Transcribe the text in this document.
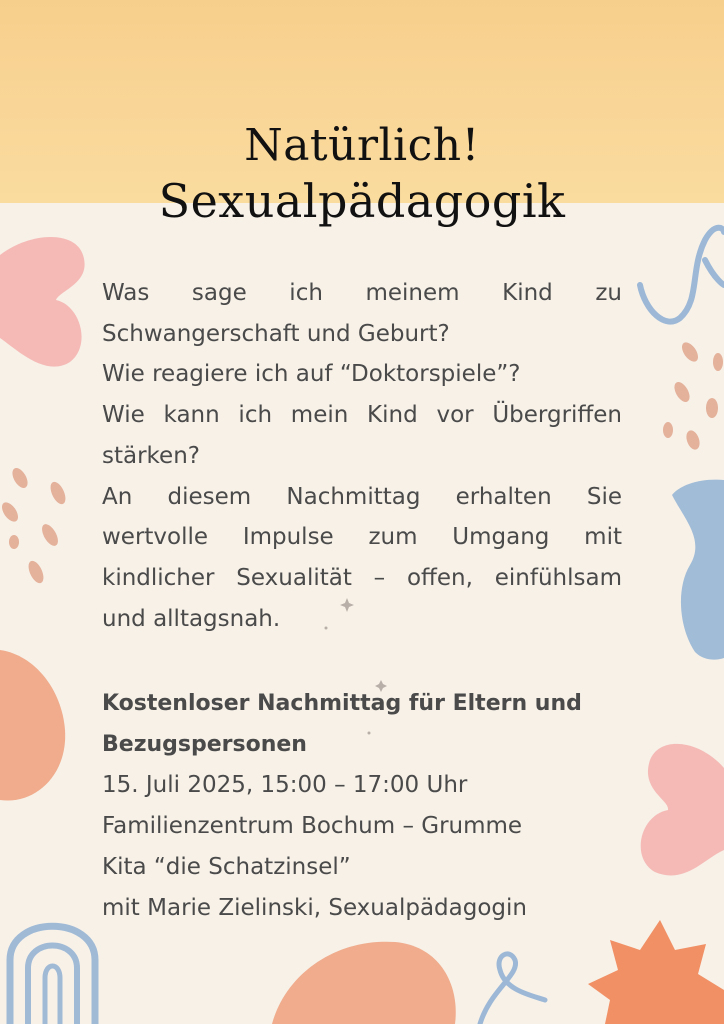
Natürlich!
Sexualpädagogik

Was sage ich meinem Kind zu

Schwangerschaft und Geburt?

Wie reagiere ich auf “Doktorspiele”?

Wie kann ich mein Kind vor Übergriffen

stärken?

An diesem Nachmittag erhalten Sie

wertvolle Impulse zum Umgang mit

kindlicher Sexualität – offen, einfühlsam

und alltagsnah.

Kostenloser Nachmittag für Eltern und

Bezugspersonen

15. Juli 2025, 15:00 – 17:00 Uhr

Familienzentrum Bochum – Grumme

Kita “die Schatzinsel”

mit Marie Zielinski, Sexualpädagogin
